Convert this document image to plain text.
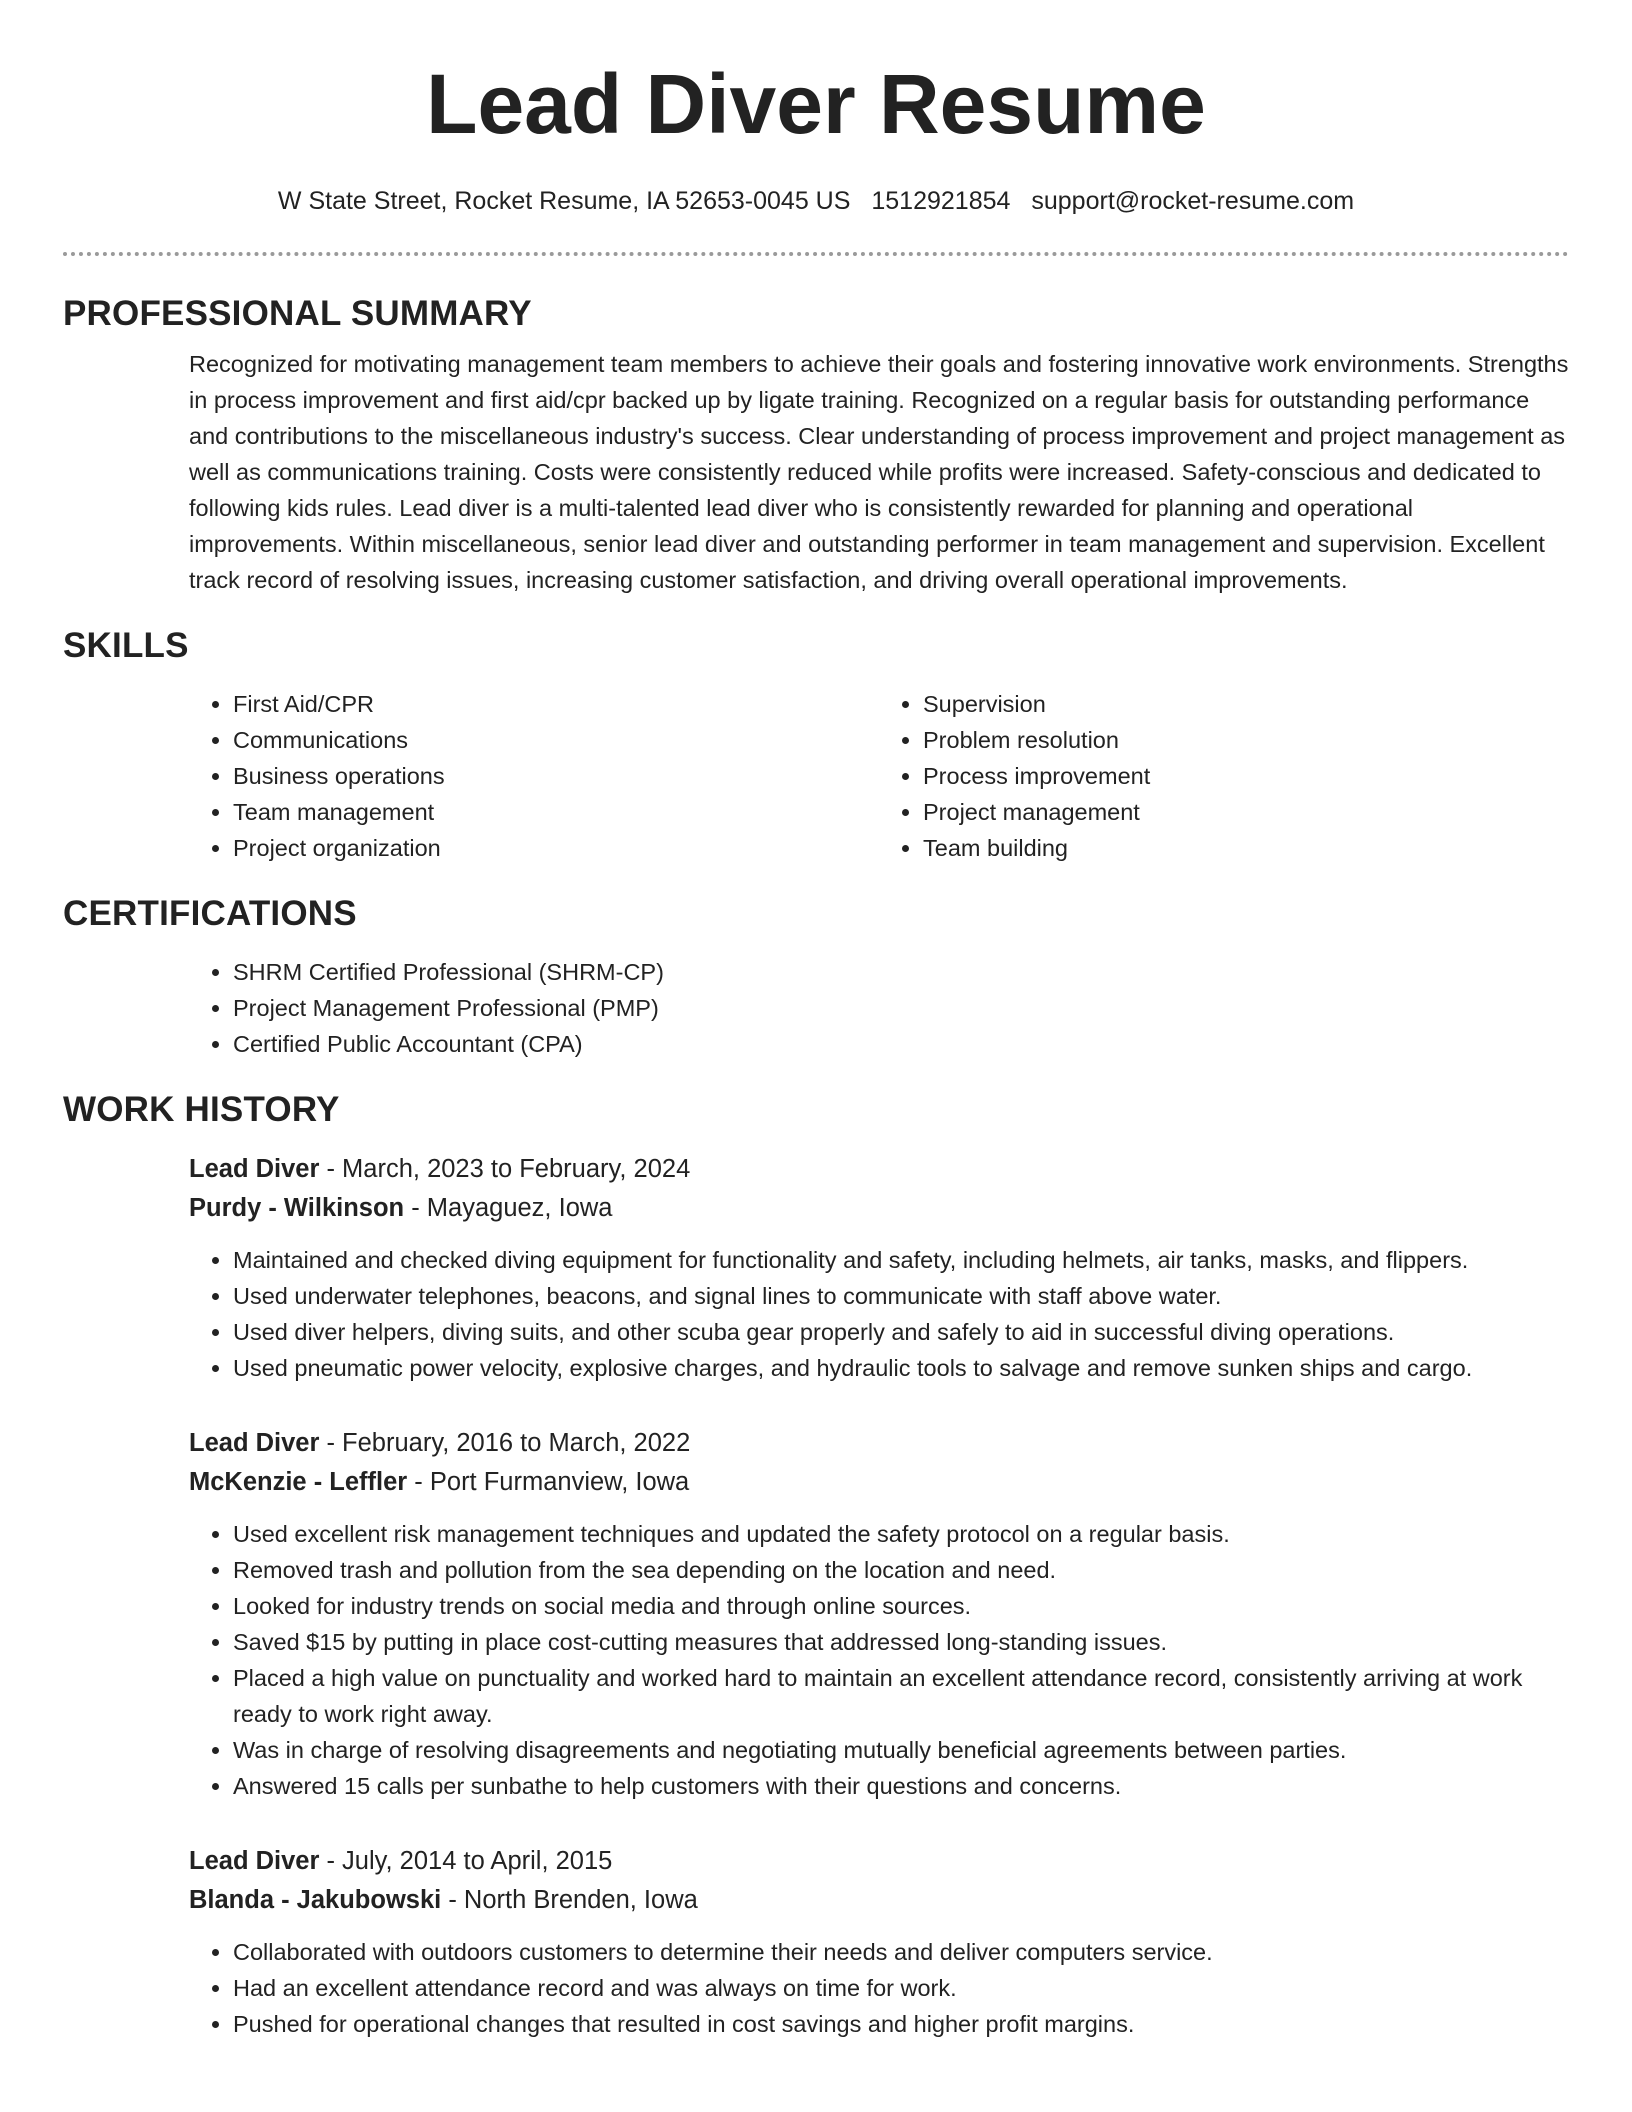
Lead Diver Resume
W State Street, Rocket Resume, IA 52653-0045 US 1512921854 support@rocket-resume.com
PROFESSIONAL SUMMARY

Recognized for motivating management team members to achieve their goals and fostering innovative work environments. Strengths in process improvement and first aid/cpr backed up by ligate training. Recognized on a regular basis for outstanding performance and contributions to the miscellaneous industry's success. Clear understanding of process improvement and project management as well as communications training. Costs were consistently reduced while profits were increased. Safety-conscious and dedicated to following kids rules. Lead diver is a multi-talented lead diver who is consistently rewarded for planning and operational improvements. Within miscellaneous, senior lead diver and outstanding performer in team management and supervision. Excellent track record of resolving issues, increasing customer satisfaction, and driving overall operational improvements.

SKILLS
• First Aid/CPR
• Communications
• Business operations
• Team management
• Project organization
• Supervision
• Problem resolution
• Process improvement
• Project management
• Team building
CERTIFICATIONS
• SHRM Certified Professional (SHRM-CP)
• Project Management Professional (PMP)
• Certified Public Accountant (CPA)
WORK HISTORY
Lead Diver - March, 2023 to February, 2024
Purdy - Wilkinson - Mayaguez, Iowa
• Maintained and checked diving equipment for functionality and safety, including helmets, air tanks, masks, and flippers.
• Used underwater telephones, beacons, and signal lines to communicate with staff above water.
• Used diver helpers, diving suits, and other scuba gear properly and safely to aid in successful diving operations.
• Used pneumatic power velocity, explosive charges, and hydraulic tools to salvage and remove sunken ships and cargo.
Lead Diver - February, 2016 to March, 2022
McKenzie - Leffler - Port Furmanview, Iowa
• Used excellent risk management techniques and updated the safety protocol on a regular basis.
• Removed trash and pollution from the sea depending on the location and need.
• Looked for industry trends on social media and through online sources.
• Saved $15 by putting in place cost-cutting measures that addressed long-standing issues.
• Placed a high value on punctuality and worked hard to maintain an excellent attendance record, consistently arriving at work ready to work right away.
• Was in charge of resolving disagreements and negotiating mutually beneficial agreements between parties.
• Answered 15 calls per sunbathe to help customers with their questions and concerns.
Lead Diver - July, 2014 to April, 2015
Blanda - Jakubowski - North Brenden, Iowa
• Collaborated with outdoors customers to determine their needs and deliver computers service.
• Had an excellent attendance record and was always on time for work.
• Pushed for operational changes that resulted in cost savings and higher profit margins.
